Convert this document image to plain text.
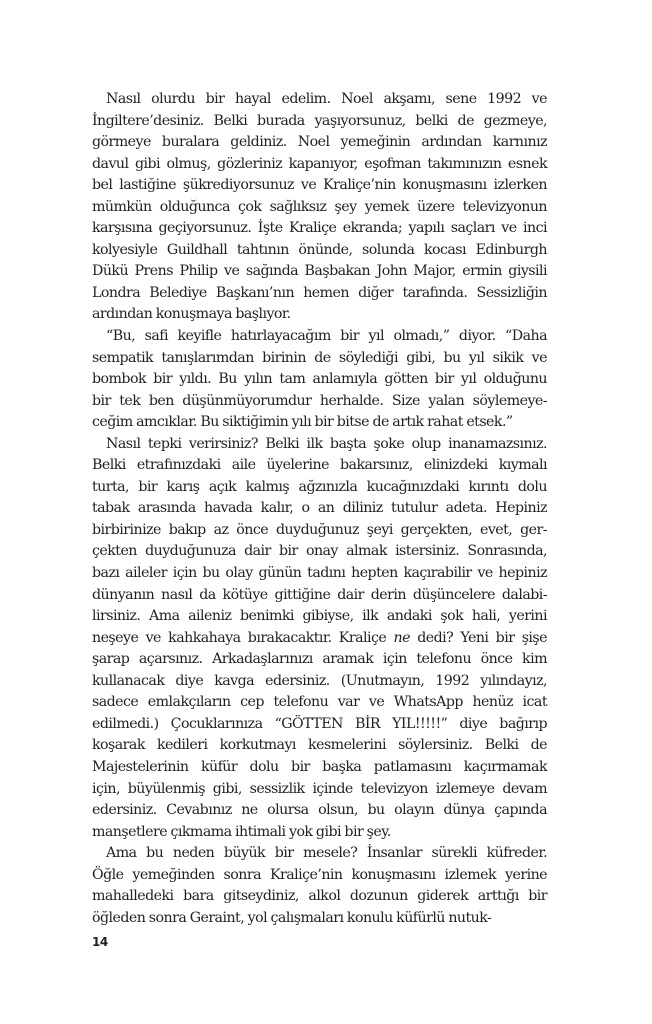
Nasıl olurdu bir hayal edelim. Noel akşamı, sene 1992 ve
İngiltere’desiniz. Belki burada yaşıyorsunuz, belki de gezmeye,
görmeye buralara geldiniz. Noel yemeğinin ardından karnınız
davul gibi olmuş, gözleriniz kapanıyor, eşofman takımınızın esnek
bel lastiğine şükrediyorsunuz ve Kraliçe’nin konuşmasını izlerken
mümkün olduğunca çok sağlıksız şey yemek üzere televizyonun
karşısına geçiyorsunuz. İşte Kraliçe ekranda; yapılı saçları ve inci
kolyesiyle Guildhall tahtının önünde, solunda kocası Edinburgh
Dükü Prens Philip ve sağında Başbakan John Major, ermin giysili
Londra Belediye Başkanı’nın hemen diğer tarafında. Sessizliğin
ardından konuşmaya başlıyor.
“Bu, safi keyifle hatırlayacağım bir yıl olmadı,” diyor. “Daha
sempatik tanışlarımdan birinin de söylediği gibi, bu yıl sikik ve
bombok bir yıldı. Bu yılın tam anlamıyla götten bir yıl olduğunu
bir tek ben düşünmüyorumdur herhalde. Size yalan söylemeye-
ceğim amcıklar. Bu siktiğimin yılı bir bitse de artık rahat etsek.”
Nasıl tepki verirsiniz? Belki ilk başta şoke olup inanamazsınız.
Belki etrafınızdaki aile üyelerine bakarsınız, elinizdeki kıymalı
turta, bir karış açık kalmış ağzınızla kucağınızdaki kırıntı dolu
tabak arasında havada kalır, o an diliniz tutulur adeta. Hepiniz
birbirinize bakıp az önce duyduğunuz şeyi gerçekten, evet, ger-
çekten duyduğunuza dair bir onay almak istersiniz. Sonrasında,
bazı aileler için bu olay günün tadını hepten kaçırabilir ve hepiniz
dünyanın nasıl da kötüye gittiğine dair derin düşüncelere dalabi-
lirsiniz. Ama aileniz benimki gibiyse, ilk andaki şok hali, yerini
neşeye ve kahkahaya bırakacaktır. Kraliçe ne dedi? Yeni bir şişe
şarap açarsınız. Arkadaşlarınızı aramak için telefonu önce kim
kullanacak diye kavga edersiniz. (Unutmayın, 1992 yılındayız,
sadece emlakçıların cep telefonu var ve WhatsApp henüz icat
edilmedi.) Çocuklarınıza “GÖTTEN BİR YIL!!!!!” diye bağırıp
koşarak kedileri korkutmayı kesmelerini söylersiniz. Belki de
Majestelerinin küfür dolu bir başka patlamasını kaçırmamak
için, büyülenmiş gibi, sessizlik içinde televizyon izlemeye devam
edersiniz. Cevabınız ne olursa olsun, bu olayın dünya çapında
manşetlere çıkmama ihtimali yok gibi bir şey.
Ama bu neden büyük bir mesele? İnsanlar sürekli küfreder.
Öğle yemeğinden sonra Kraliçe’nin konuşmasını izlemek yerine
mahalledeki bara gitseydiniz, alkol dozunun giderek arttığı bir
öğleden sonra Geraint, yol çalışmaları konulu küfürlü nutuk-
14
